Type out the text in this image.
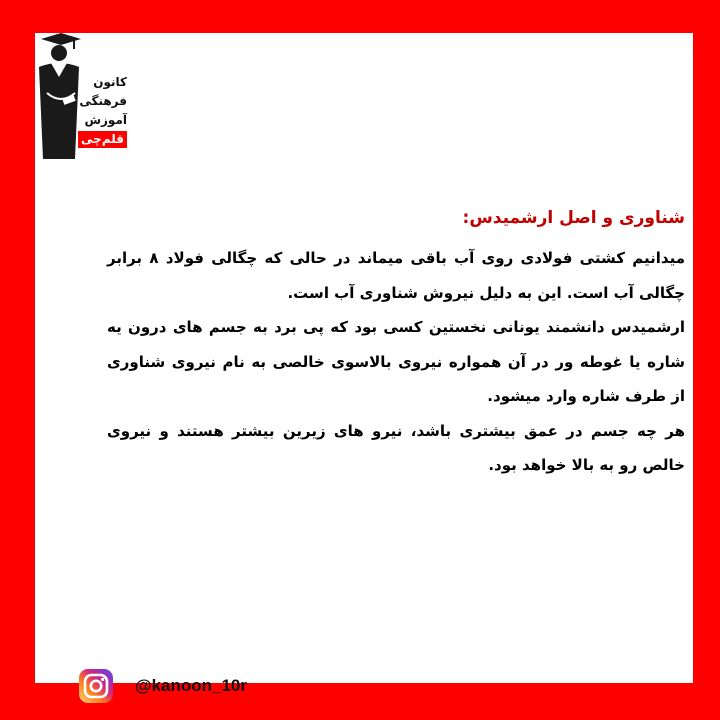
کانون
فرهنگی
آموزش
قلم‌چی
شناوری و اصل ارشمیدس:

میدانیم کشتی فولادی روی آب باقی میماند در حالی که چگالی فولاد ۸ برابر چگالی آب است. این به دلیل نیروش شناوری آب است.

ارشمیدس دانشمند یونانی نخستین کسی بود که پی برد به جسم های درون یه شاره یا غوطه ور در آن همواره نیروی بالاسوی خالصی به نام نیروی شناوری از طرف شاره وارد میشود.

هر چه جسم در عمق بیشتری باشد، نیرو های زیرین بیشتر هستند و نیروی خالص رو به بالا خواهد بود.

@kanoon_10r
